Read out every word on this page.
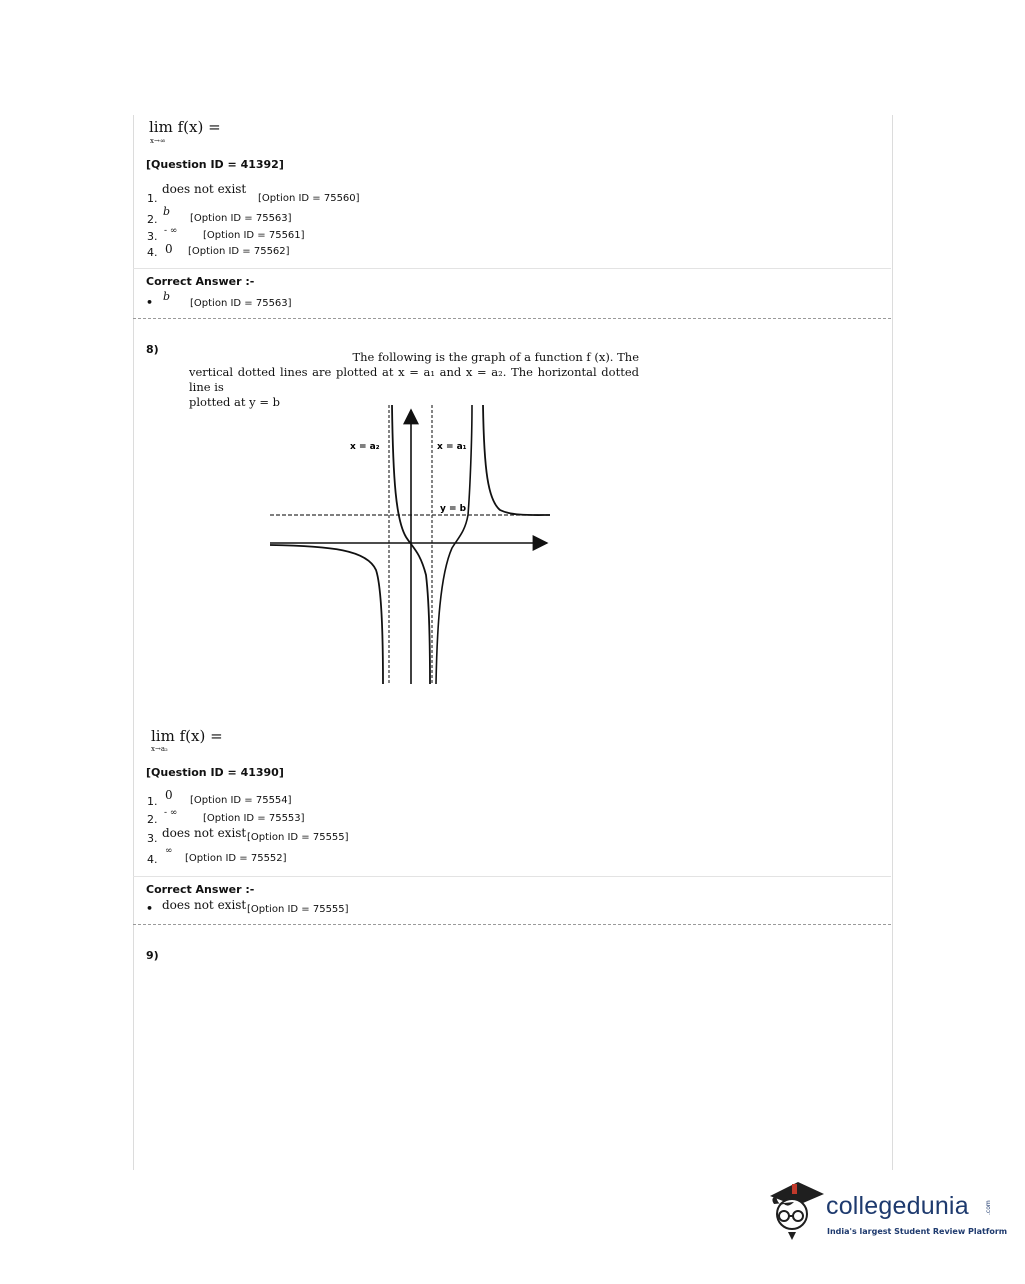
lim f(x) =
x→∞
[Question ID = 41392]
1.
does not exist
[Option ID = 75560]
2.
b
[Option ID = 75563]
3. - ∞	[Option ID = 75561]
4. 0 [Option ID = 75562]
Correct Answer :-
• b
[Option ID = 75563]
8)
The following is the graph of a function f (x). The
vertical dotted lines are plotted at x = a₁ and x = a₂. The horizontal dotted line is
plotted at y = b
x = a₂	x = a₁
y = b
lim f(x) =
x→a₂
[Question ID = 41390]
1. 0 [Option ID = 75554]
2. - ∞	[Option ID = 75553]
3. does not exist [Option ID = 75555]
4.
∞
[Option ID = 75552]
Correct Answer :-
• does not exist [Option ID = 75555]
9)
collegedunia	.com
India's largest Student Review Platform
